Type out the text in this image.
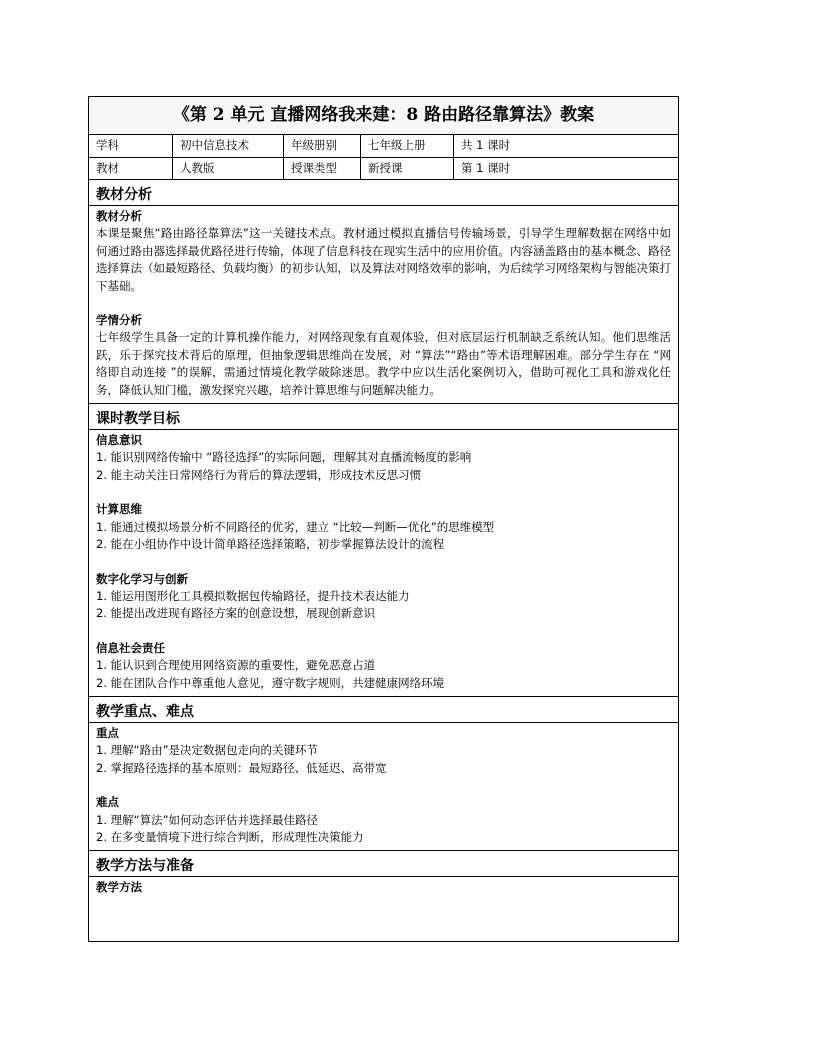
《第 2 单元 直播网络我来建：8 路由路径靠算法》教案
学科	初中信息技术	年级册别	七年级上册	共 1 课时
教材	人教版	授课类型	新授课	第 1 课时
教材分析
教材分析

本课是聚焦“路由路径靠算法”这一关键技术点。教材通过模拟直播信号传输场景，引导学生理解数据在网络中如何通过路由器选择最优路径进行传输，体现了信息科技在现实生活中的应用价值。内容涵盖路由的基本概念、路径选择算法（如最短路径、负载均衡）的初步认知，以及算法对网络效率的影响，为后续学习网络架构与智能决策打下基础。

学情分析

七年级学生具备一定的计算机操作能力，对网络现象有直观体验，但对底层运行机制缺乏系统认知。他们思维活跃，乐于探究技术背后的原理，但抽象逻辑思维尚在发展，对 “算法”“路由”等术语理解困难。部分学生存在 “网络即自动连接 ”的误解，需通过情境化教学破除迷思。教学中应以生活化案例切入，借助可视化工具和游戏化任务，降低认知门槛，激发探究兴趣，培养计算思维与问题解决能力。

课时教学目标
信息意识
1. 能识别网络传输中 “路径选择”的实际问题，理解其对直播流畅度的影响
2. 能主动关注日常网络行为背后的算法逻辑，形成技术反思习惯
计算思维
1. 能通过模拟场景分析不同路径的优劣，建立 “比较—判断—优化”的思维模型
2. 能在小组协作中设计简单路径选择策略，初步掌握算法设计的流程
数字化学习与创新
1. 能运用图形化工具模拟数据包传输路径，提升技术表达能力
2. 能提出改进现有路径方案的创意设想，展现创新意识
信息社会责任
1. 能认识到合理使用网络资源的重要性，避免恶意占道
2. 能在团队合作中尊重他人意见，遵守数字规则，共建健康网络环境
教学重点、难点
重点
1. 理解“路由”是决定数据包走向的关键环节
2. 掌握路径选择的基本原则：最短路径、低延迟、高带宽
难点
1. 理解“算法”如何动态评估并选择最佳路径
2. 在多变量情境下进行综合判断，形成理性决策能力
教学方法与准备
教学方法
